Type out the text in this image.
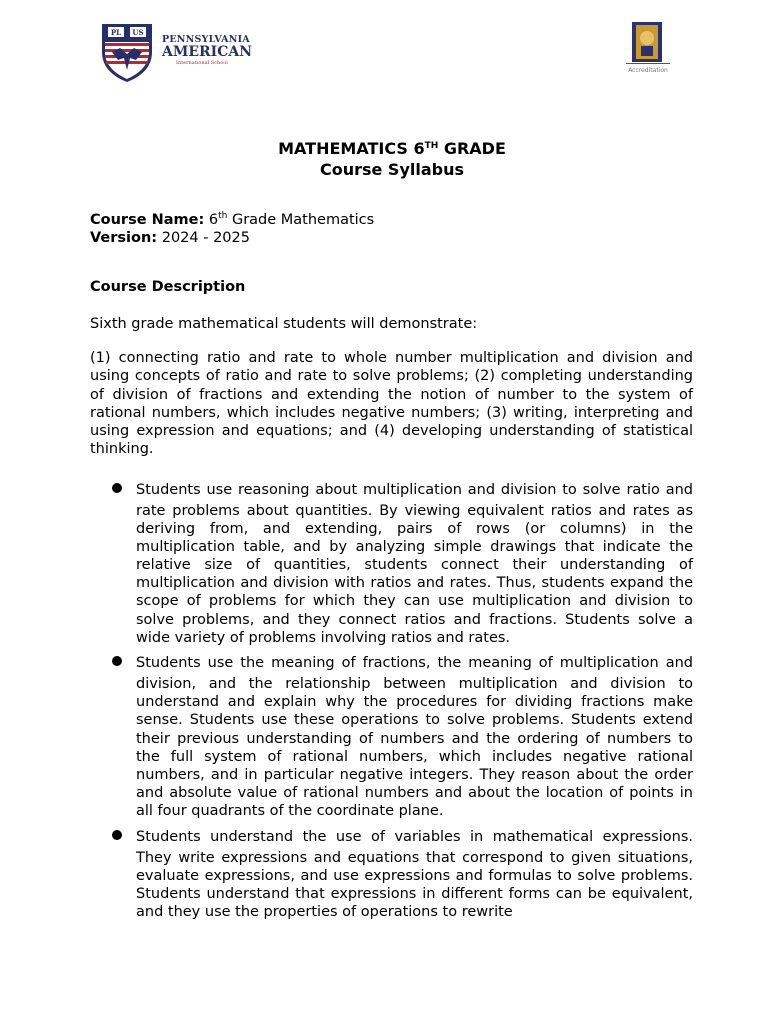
PL US
PENNSYLVANIA
AMERICAN
International School
Accreditation
MATHEMATICS 6TH GRADE
Course Syllabus
Course Name: 6th Grade Mathematics
Version: 2024 - 2025
Course Description
Sixth grade mathematical students will demonstrate:
(1) connecting ratio and rate to whole number multiplication and division and using concepts of ratio and rate to solve problems; (2) completing understanding of division of fractions and extending the notion of number to the system of rational numbers, which includes negative numbers; (3) writing, interpreting and using expression and equations; and (4) developing understanding of statistical thinking.
Students use reasoning about multiplication and division to solve ratio and rate problems about quantities. By viewing equivalent ratios and rates as deriving from, and extending, pairs of rows (or columns) in the multiplication table, and by analyzing simple drawings that indicate the relative size of quantities, students connect their understanding of multiplication and division with ratios and rates. Thus, students expand the scope of problems for which they can use multiplication and division to solve problems, and they connect ratios and fractions. Students solve a wide variety of problems involving ratios and rates.
Students use the meaning of fractions, the meaning of multiplication and division, and the relationship between multiplication and division to understand and explain why the procedures for dividing fractions make sense. Students use these operations to solve problems. Students extend their previous understanding of numbers and the ordering of numbers to the full system of rational numbers, which includes negative rational numbers, and in particular negative integers. They reason about the order and absolute value of rational numbers and about the location of points in all four quadrants of the coordinate plane.
Students understand the use of variables in mathematical expressions. They write expressions and equations that correspond to given situations, evaluate expressions, and use expressions and formulas to solve problems. Students understand that expressions in different forms can be equivalent, and they use the properties of operations to rewrite
